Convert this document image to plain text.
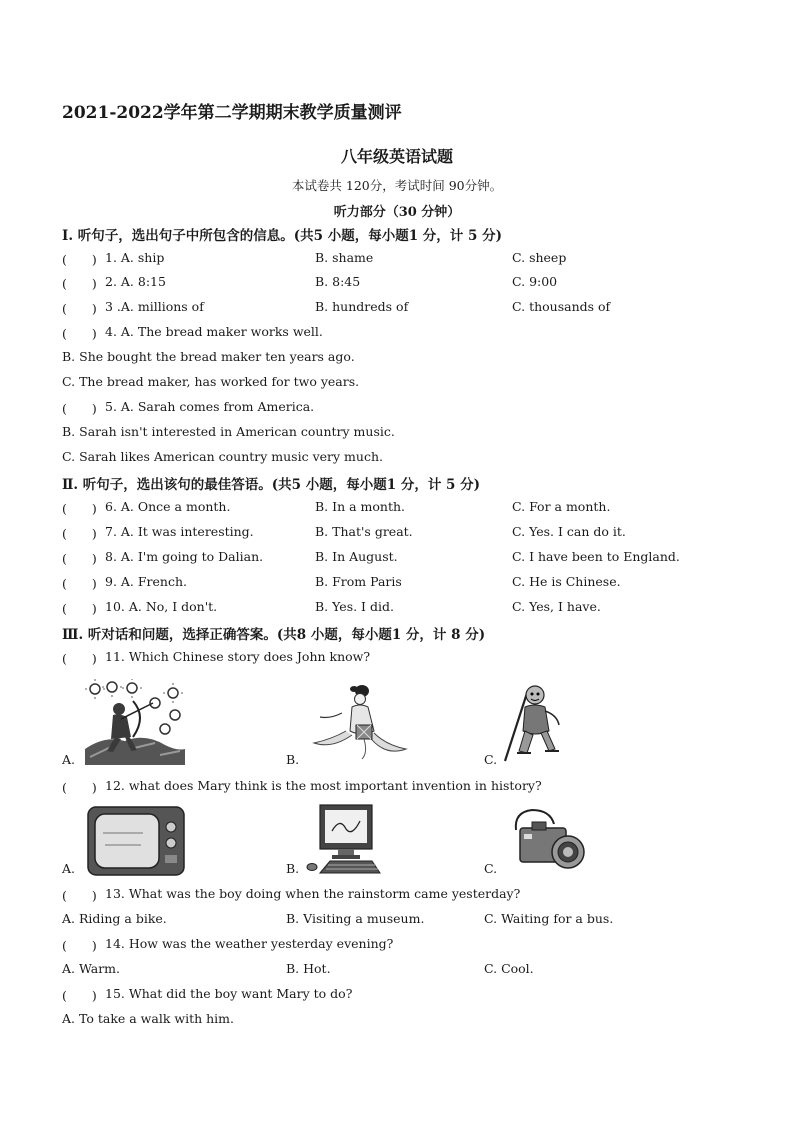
2021-2022学年第二学期期末教学质量测评
八年级英语试题
本试卷共 120分，考试时间 90分钟。
听力部分（30 分钟）
Ⅰ. 听句子，选出句子中所包含的信息。(共5 小题，每小题1 分，计 5 分)
(　　) 1. A. ship	B. shame	C. sheep
(　　) 2. A. 8:15	B. 8:45	C. 9:00
(　　) 3 .A. millions of	B. hundreds of	C. thousands of
(　　) 4. A. The bread maker works well.
B. She bought the bread maker ten years ago.
C. The bread maker, has worked for two years.
(　　) 5. A. Sarah comes from America.
B. Sarah isn't interested in American country music.
C. Sarah likes American country music very much.
Ⅱ. 听句子，选出该句的最佳答语。(共5 小题，每小题1 分，计 5 分)
(　　) 6. A. Once a month.	B. In a month.	C. For a month.
(　　) 7. A. It was interesting.	B. That's great.	C. Yes. I can do it.
(　　) 8. A. I'm going to Dalian.	B. In August.	C. I have been to England.
(　　) 9. A. French.	B. From Paris	C. He is Chinese.
(　　) 10. A. No, I don't.	B. Yes. I did.	C. Yes, I have.
Ⅲ. 听对话和问题，选择正确答案。(共8 小题，每小题1 分，计 8 分)
(　　) 11. Which Chinese story does John know?
A.	B.	C.
(　　) 12. what does Mary think is the most important invention in history?
A.	B.	C.
(　　) 13. What was the boy doing when the rainstorm came yesterday?
A. Riding a bike.	B. Visiting a museum.	C. Waiting for a bus.
(　　) 14. How was the weather yesterday evening?
A. Warm.	B. Hot.	C. Cool.
(　　) 15. What did the boy want Mary to do?
A. To take a walk with him.
